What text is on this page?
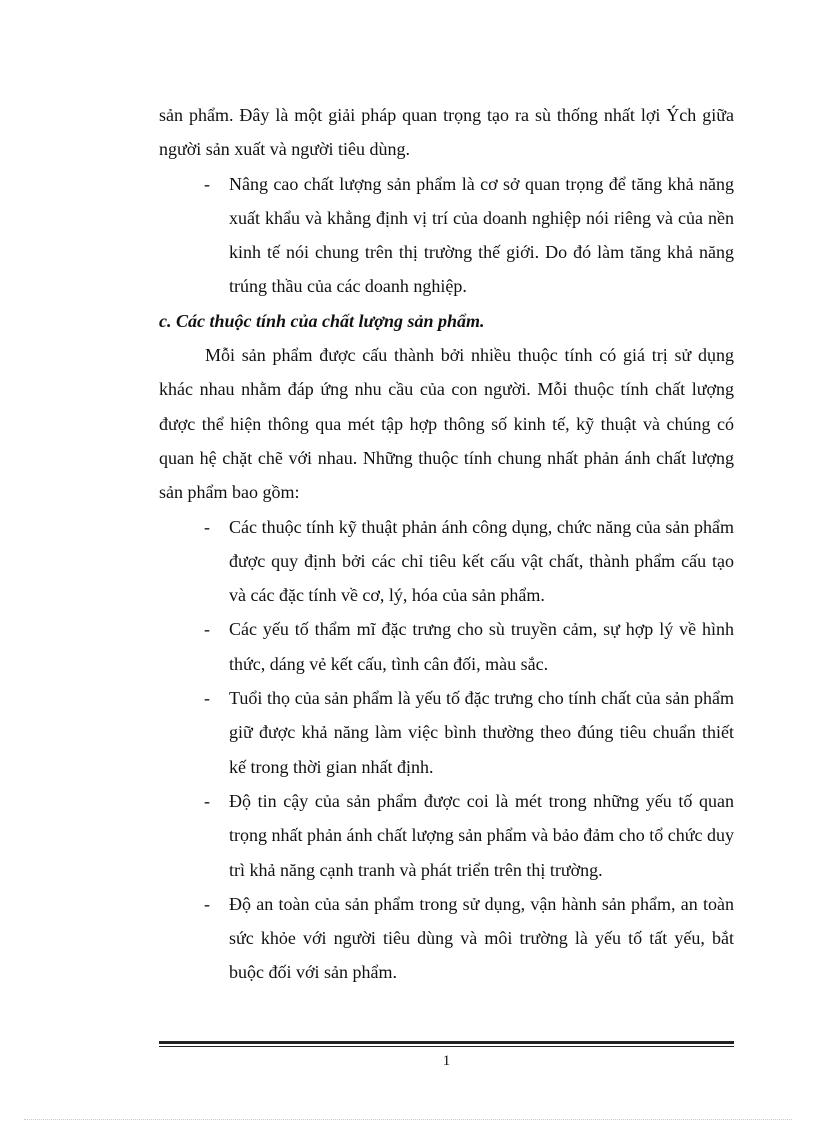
sản phẩm. Đây là một giải pháp quan trọng tạo ra sù thống nhất lợi Ých giữa người sản xuất và người tiêu dùng.

- Nâng cao chất lượng sản phẩm là cơ sở quan trọng để tăng khả năng xuất khẩu và khẳng định vị trí của doanh nghiệp nói riêng và của nền kinh tế nói chung trên thị trường thế giới. Do đó làm tăng khả năng trúng thầu của các doanh nghiệp.

c. Các thuộc tính của chất lượng sản phẩm.

Mỗi sản phẩm được cấu thành bởi nhiều thuộc tính có giá trị sử dụng khác nhau nhằm đáp ứng nhu cầu của con người. Mỗi thuộc tính chất lượng được thể hiện thông qua mét tập hợp thông số kinh tế, kỹ thuật và chúng có quan hệ chặt chẽ với nhau. Những thuộc tính chung nhất phản ánh chất lượng sản phẩm bao gồm:

- Các thuộc tính kỹ thuật phản ánh công dụng, chức năng của sản phẩm được quy định bởi các chỉ tiêu kết cấu vật chất, thành phẩm cấu tạo và các đặc tính về cơ, lý, hóa của sản phẩm.
- Các yếu tố thẩm mĩ đặc trưng cho sù truyền cảm, sự hợp lý về hình thức, dáng vẻ kết cấu, tình cân đối, màu sắc.
- Tuổi thọ của sản phẩm là yếu tố đặc trưng cho tính chất của sản phẩm giữ được khả năng làm việc bình thường theo đúng tiêu chuẩn thiết kế trong thời gian nhất định.
- Độ tin cậy của sản phẩm được coi là mét trong những yếu tố quan trọng nhất phản ánh chất lượng sản phẩm và bảo đảm cho tổ chức duy trì khả năng cạnh tranh và phát triển trên thị trường.
- Độ an toàn của sản phẩm trong sử dụng, vận hành sản phẩm, an toàn sức khỏe với người tiêu dùng và môi trường là yếu tố tất yếu, bắt buộc đối với sản phẩm.
1
